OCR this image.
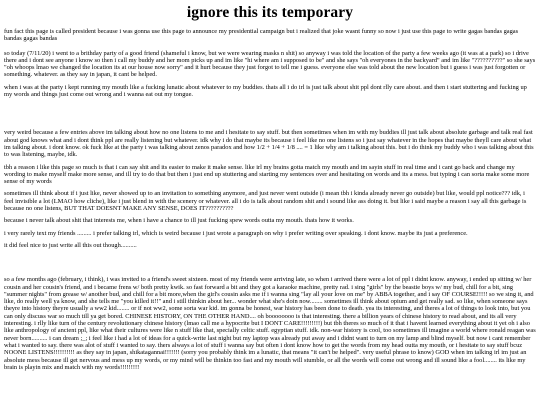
ignore this its temporary

fun fact this page is called president because i was gonna use this page to announce my presidential campaign but i realized that joke wasnt funny so now i just use this page to write gagas bandas gagas bandas gagas bandas

so today (7/11/20) i went to a brithday party of a good friend (shameful i know, but we were wearing masks n shit) so anyway i was told the location of the party a few weeks ago (it was at a park) so i drive there and i dont see anyone i know so then i call my buddy and her mom picks up and im like "hi where am i supposed to be" and she says "oh everyones in the backyard" and im like "??????????" so she says "oh whoops lmao we changed the location its at our house now sorry" and it hurt because they just forgot to tell me i guess. everyone else was told about the new location but i guess i was just forgotten or something. whatever. as they say in japan, it cant be helped.

when i was at the party i kept running my mouth like a fucking lunatic about whatever to my buddies. thats all i do irl is just talk about shit ppl dont rlly care about. and then i start stuttering and fucking up my words and things just come out wrong and i wanna eat out my tongue.

very weird because a few entries above im talking about how no one listens to me and i hesitate to say stuff. but then sometimes when im with my buddies ill just talk about absolute garbage and talk real fast about god knows what and i dont think ppl are really listening but whatever. idk why i do that maybe its because i feel like no one listens so i just say whatever in the hopes that maybe theyll care about what im talking about. i dont know. ok fuck like at the party i was talking about zenos paradox and how 1/2 + 1/4 + 1/8 .... = 1 like why am i talking about this. but i do think my buddy who i was talking about this to was listening, maybe, idk.

tbh a reason i like this page so much is that i can say shit and its easier to make it make sense. like irl my brains gotta match my mouth and im sayin stuff in real time and i cant go back and change my wording to make myself make more sense, and ill try to do that but then i just end up stuttering and starting my sentences over and hesitating on words and its a mess. but typing i can sorta make some more sense of my words

sometimes ill think about if i just like, never showed up to an invitation to something anymore, and just never went outside (i mean tbh i kinda already never go outside) but like, would ppl notice??? idk, i feel invisible a lot (LMAO how cliche), like i just blend in with the scenery or whatever. all i do is talk about random shit and i sound like ass doing it. but like i said maybe a reason i say all this garbage is because no one listens, BUT THAT DOESNT MAKE ANY SENSE, DOES IT??????????

because i never talk about shit that interests me, when i have a chance to ill just fucking spew words outta my mouth. thats how it works.

i very rarely text my friends ......... i prefer talking irl, which is weird because i just wrote a paragraph on why i prefer writing over speaking. i dont know. maybe its just a preference.

it did feel nice to just write all this out though..........

so a few months ago (february, i think), i was invited to a friend's sweet sixteen. most of my friends were arriving late, so when i arrived there were a lot of ppl i didnt know. anyway, i ended up sitting w/ her cousin and her cousin's friend, and i became frens w/ both pretty kwik. so fast forward a bit and they got a karaoke machine, pretty rad. i sing "girls" by the beastie boys w/ my bud, chill for a bit, sing "summer nights" from grease w/ another bud, and chill for a bit more,when the girl's cousin asks me if i wanna sing "lay all your love on me" by ABBA together, and i say OF COURSE!!!!! so we sing it, and like, do really well ya know, and she tells me "you killed it!!" and i still thinkin about her... wonder what she's doin now........ sometimes ill think about opium and get really sad. so like, when someone says theyre into history theyre usually a ww2 kid........ or if not ww2, some sorta war kid. im gonna be honest, war history has been done to death. yea its interesting, and theres a lot of things to look into, but you can only discuss war so much till ya get bored. CHINESE HISTORY, ON THE OTHER HAND.... oh boooooooo is that interesting. there a billion years of chinese history to read about, and its all very interesting. i rlly like turn of the century revolutionary chinese history (lmao call me a hypocrite but I DONT CARE!!!!!!!!!) but tbh theres so much of it that i havent learned everything about it yet oh i also like anthropology of ancient ppl, like what their cultures were like n stuff like that, specially celtic stuff. egyptian stuff. idk. non-war history is cool, too sometimes ill imagine a world where ronald reagan was never born.......... i can dream ;_; i feel like i had a lot of ideas for a quick-write last night but my laptop was already put away and i didnt want to turn on my lamp and blind myself. but now i cant remember what i wanted to say. there was alot of stuff i wanted to say. thers always a lot of stuff i wanna say but often i dont know how to get the words from my head outta my mouth, or i hesitate to say stuff bcuz NOONE LISTENS!!!!!!!!!! as they say in japan, shikatagannai!!!!!!! (sorry you probably think im a lunatic, that means "it can't be helped". very useful phrase to know) GOD when im talking irl im just an absolute mess because ill get nervous and mess up my words, or my mind will be thinkin too fast and my mouth will stumble, or all the words will come out wrong and ill sound like a fool........ its like my brain is playin mix and match with my words!!!!!!!!!
